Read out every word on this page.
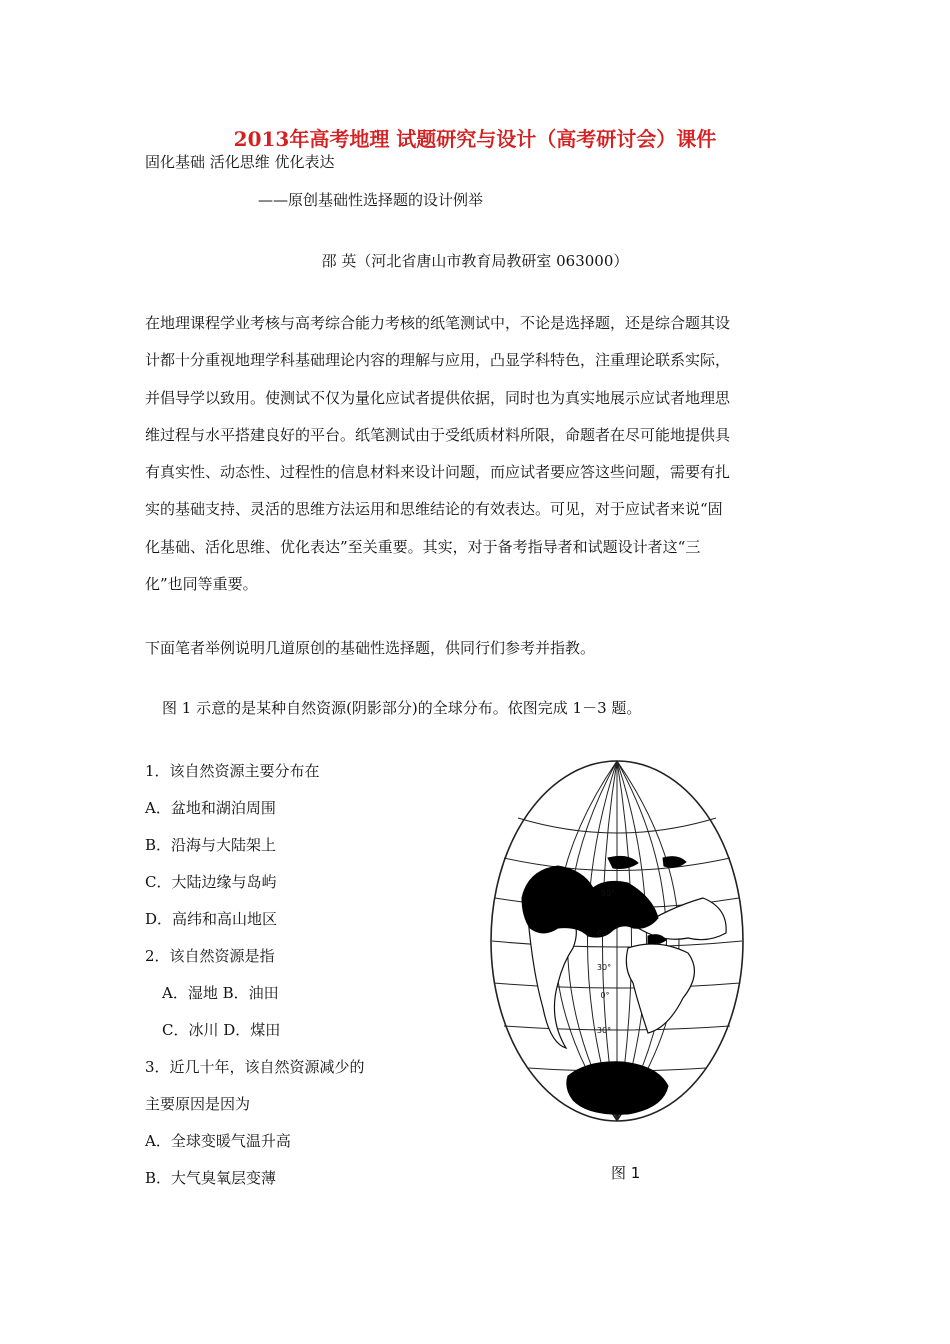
2013年高考地理 试题研究与设计（高考研讨会）课件
固化基础 活化思维 优化表达
——原创基础性选择题的设计例举
邵 英（河北省唐山市教育局教研室 063000）
在地理课程学业考核与高考综合能力考核的纸笔测试中，不论是选择题，还是综合题其设
计都十分重视地理学科基础理论内容的理解与应用，凸显学科特色，注重理论联系实际，
并倡导学以致用。使测试不仅为量化应试者提供依据，同时也为真实地展示应试者地理思
维过程与水平搭建良好的平台。纸笔测试由于受纸质材料所限，命题者在尽可能地提供具
有真实性、动态性、过程性的信息材料来设计问题，而应试者要应答这些问题，需要有扎
实的基础支持、灵活的思维方法运用和思维结论的有效表达。可见，对于应试者来说“固
化基础、活化思维、优化表达”至关重要。其实，对于备考指导者和试题设计者这“三
化”也同等重要。
下面笔者举例说明几道原创的基础性选择题，供同行们参考并指教。
图 1 示意的是某种自然资源(阴影部分)的全球分布。依图完成 1－3 题。
1．该自然资源主要分布在
A．盆地和湖泊周围
B．沿海与大陆架上
C．大陆边缘与岛屿
D．高纬和高山地区
2．该自然资源是指
A．湿地 B．油田
C．冰川 D．煤田
3．近几十年，该自然资源减少的
主要原因是因为
A．全球变暖气温升高
B．大气臭氧层变薄
90°
60°
30°
0°
30°
图 1
